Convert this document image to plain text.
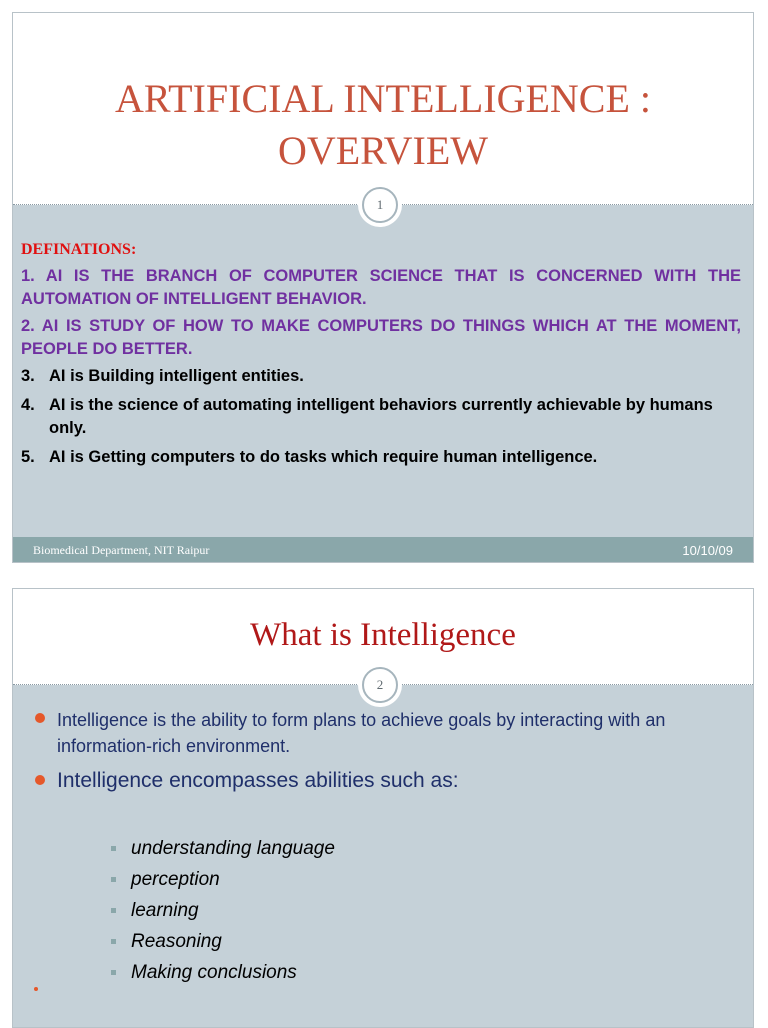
ARTIFICIAL INTELLIGENCE :
OVERVIEW
1

DEFINATIONS:

1. AI IS THE BRANCH OF COMPUTER SCIENCE THAT IS CONCERNED WITH THE AUTOMATION OF INTELLIGENT BEHAVIOR.

2. AI IS STUDY OF HOW TO MAKE COMPUTERS DO THINGS WHICH AT THE MOMENT, PEOPLE DO BETTER.

3. AI is Building intelligent entities.

4. AI is the science of automating intelligent behaviors currently achievable by humans only.

5. AI is Getting computers to do tasks which require human intelligence.

Biomedical Department, NIT Raipur	10/10/09
What is Intelligence
2
Intelligence is the ability to form plans to achieve goals by interacting with an information-rich environment.
Intelligence encompasses abilities such as:
understanding language
perception
learning
Reasoning
Making conclusions
